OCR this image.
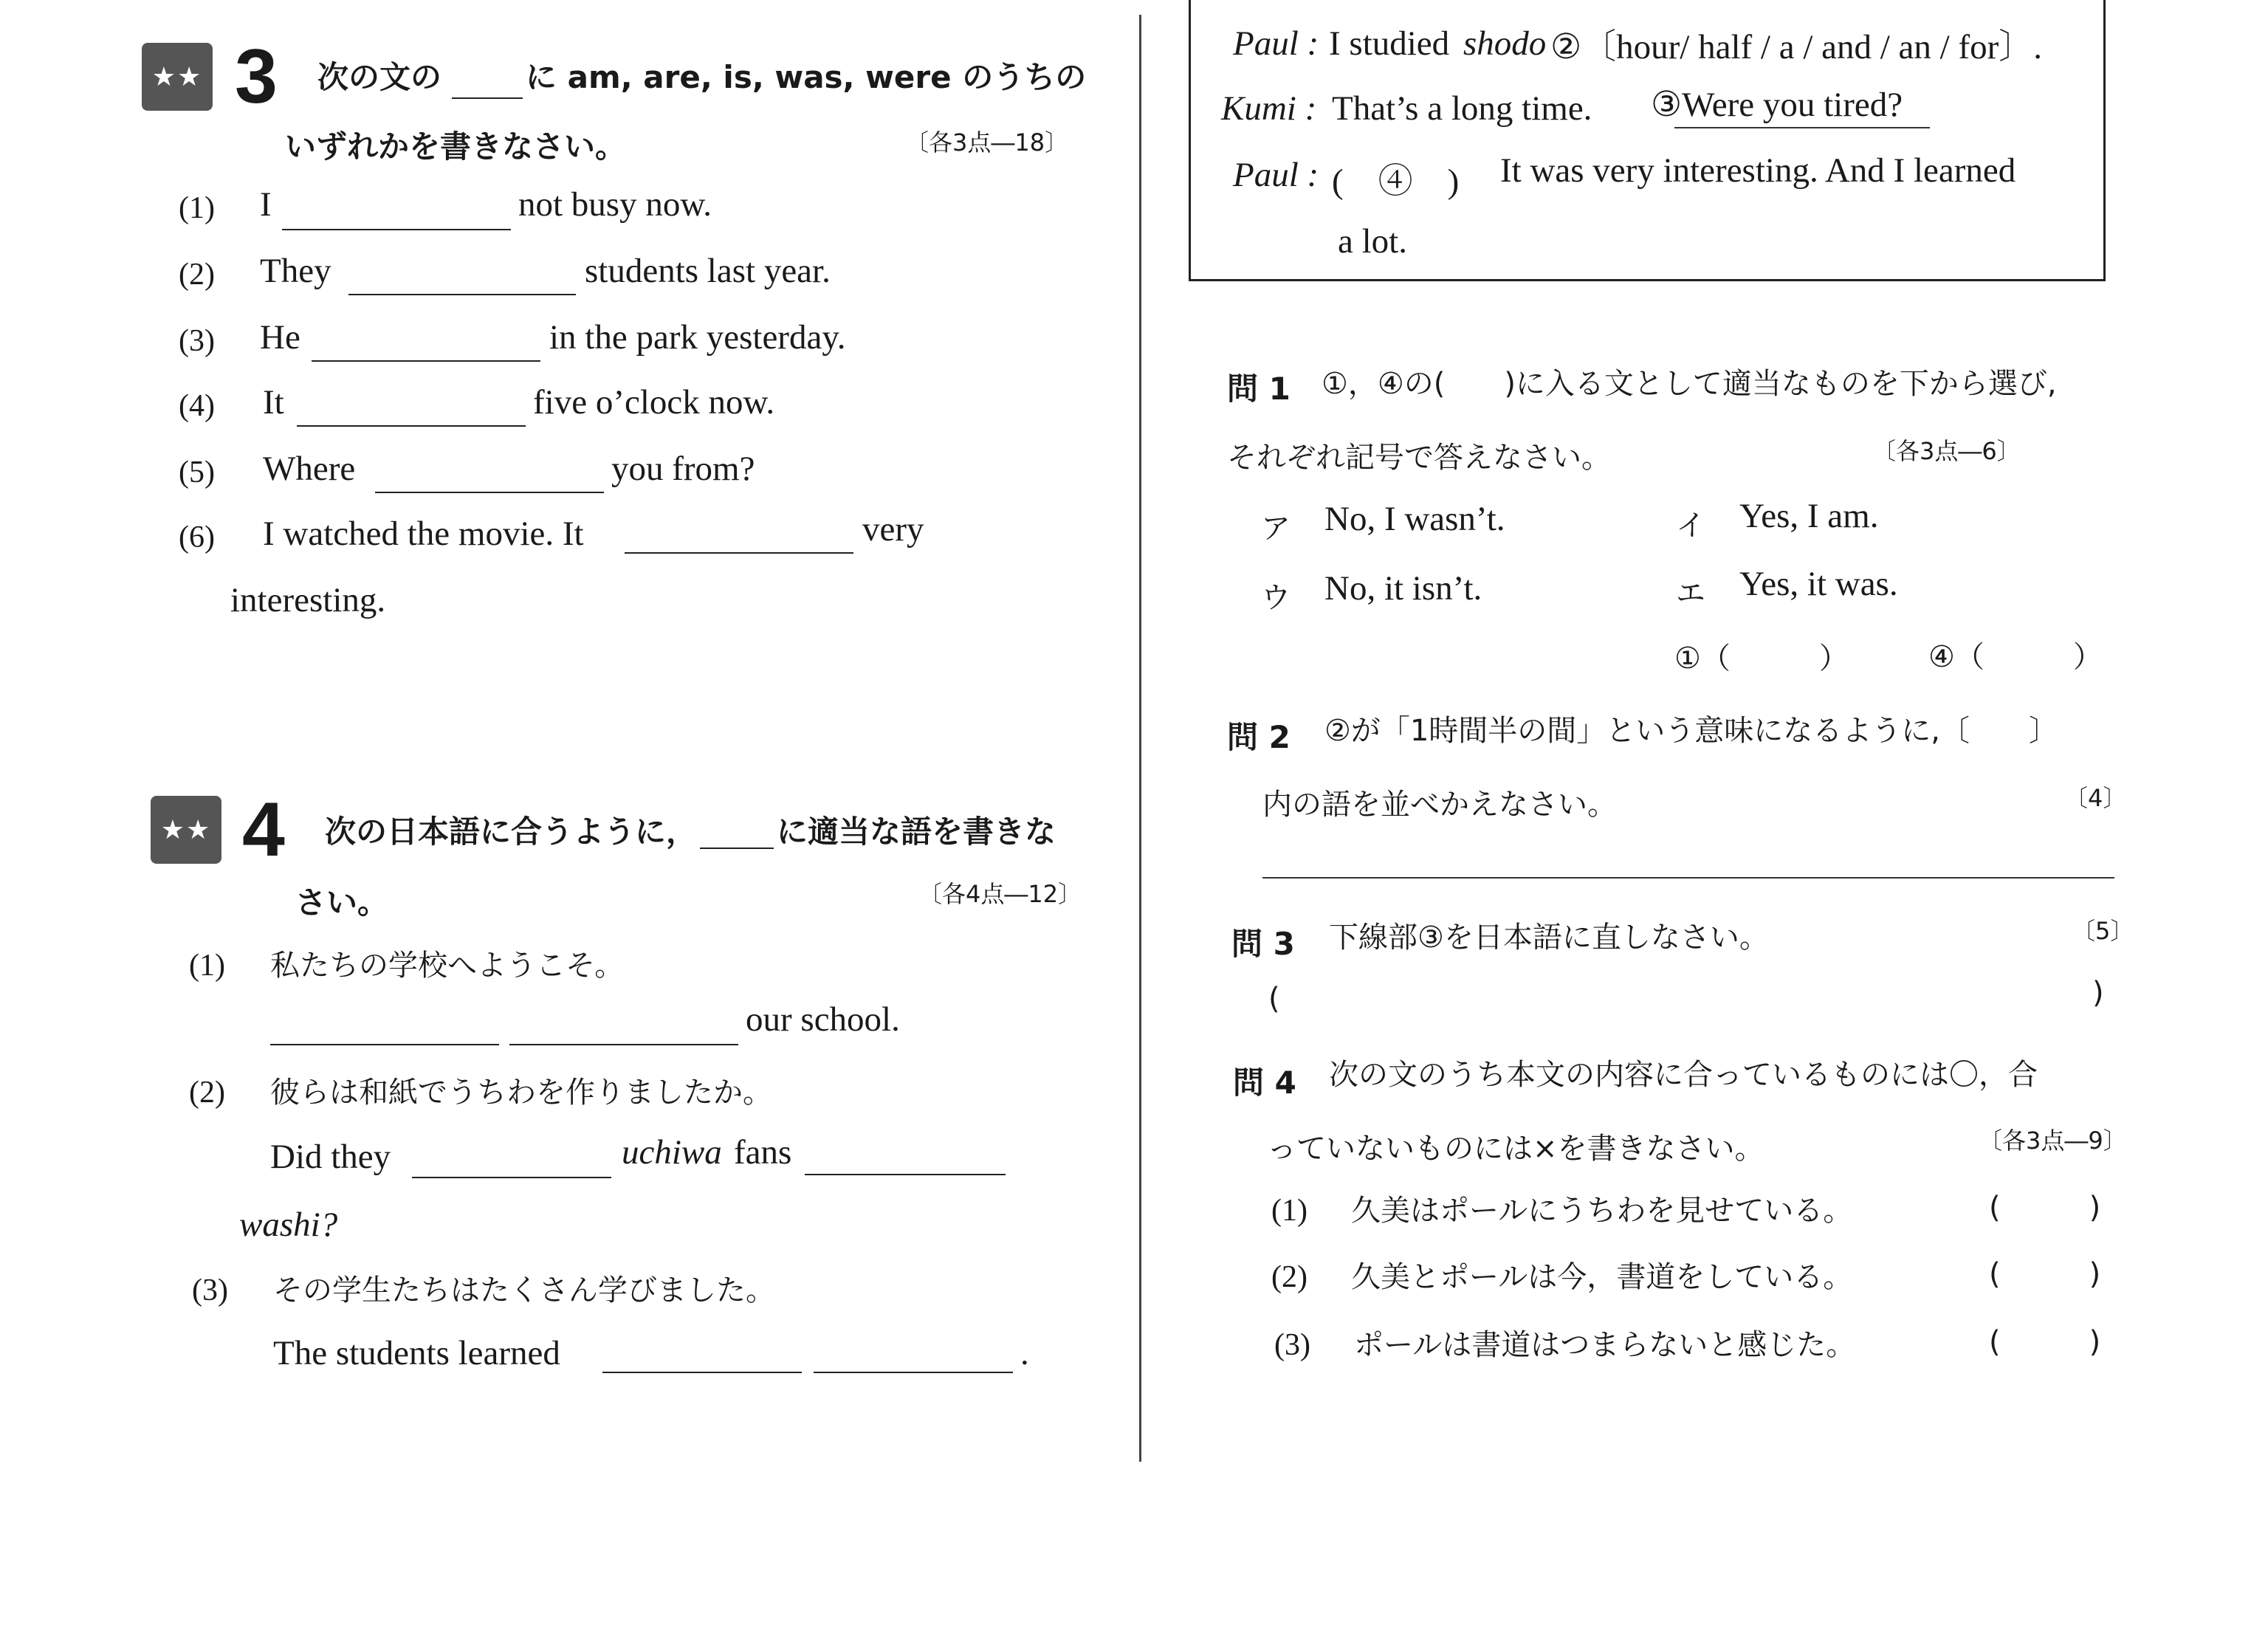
★★ 3 次の文の	に am, are, is, was, were のうちの
いずれかを書きなさい。	〔各3点―18〕
(1) I	not busy now.
(2) They	students last year.
(3) He	in the park yesterday.
(4) It	five o’clock now.
(5) Where	you from?
(6) I watched the movie. It	very
interesting.
★★ 4 次の日本語に合うように，	に適当な語を書きな
さい。	〔各4点―12〕
(1) 私たちの学校へようこそ。
our school.
(2) 彼らは和紙でうちわを作りましたか。
Did they	uchiwa fans
washi?
(3) その学生たちはたくさん学びました。
The students learned	.
Paul : I studied shodo ②〔hour/ half / a / and / an / for〕.
Kumi : That’s a long time. ③Were you tired?
Paul : (　④　) It was very interesting. And I learned
a lot.
問 1 ①，④の(　　)に入る文として適当なものを下から選び,
それぞれ記号で答えなさい。	〔各3点―6〕
ア No, I wasn’t.	イ Yes, I am.
ウ No, it isn’t.	エ Yes, it was.
①（　　　）	④（　　　）
問 2 ②が「1時間半の間」という意味になるように,〔　　〕
内の語を並べかえなさい。	〔4〕
問 3 下線部③を日本語に直しなさい。	〔5〕
(	)
問 4 次の文のうち本文の内容に合っているものには〇，合
っていないものには×を書きなさい。	〔各3点―9〕
(1) 久美はポールにうちわを見せている。	(　　　)
(2) 久美とポールは今，書道をしている。	(　　　)
(3) ポールは書道はつまらないと感じた。	(　　　)
